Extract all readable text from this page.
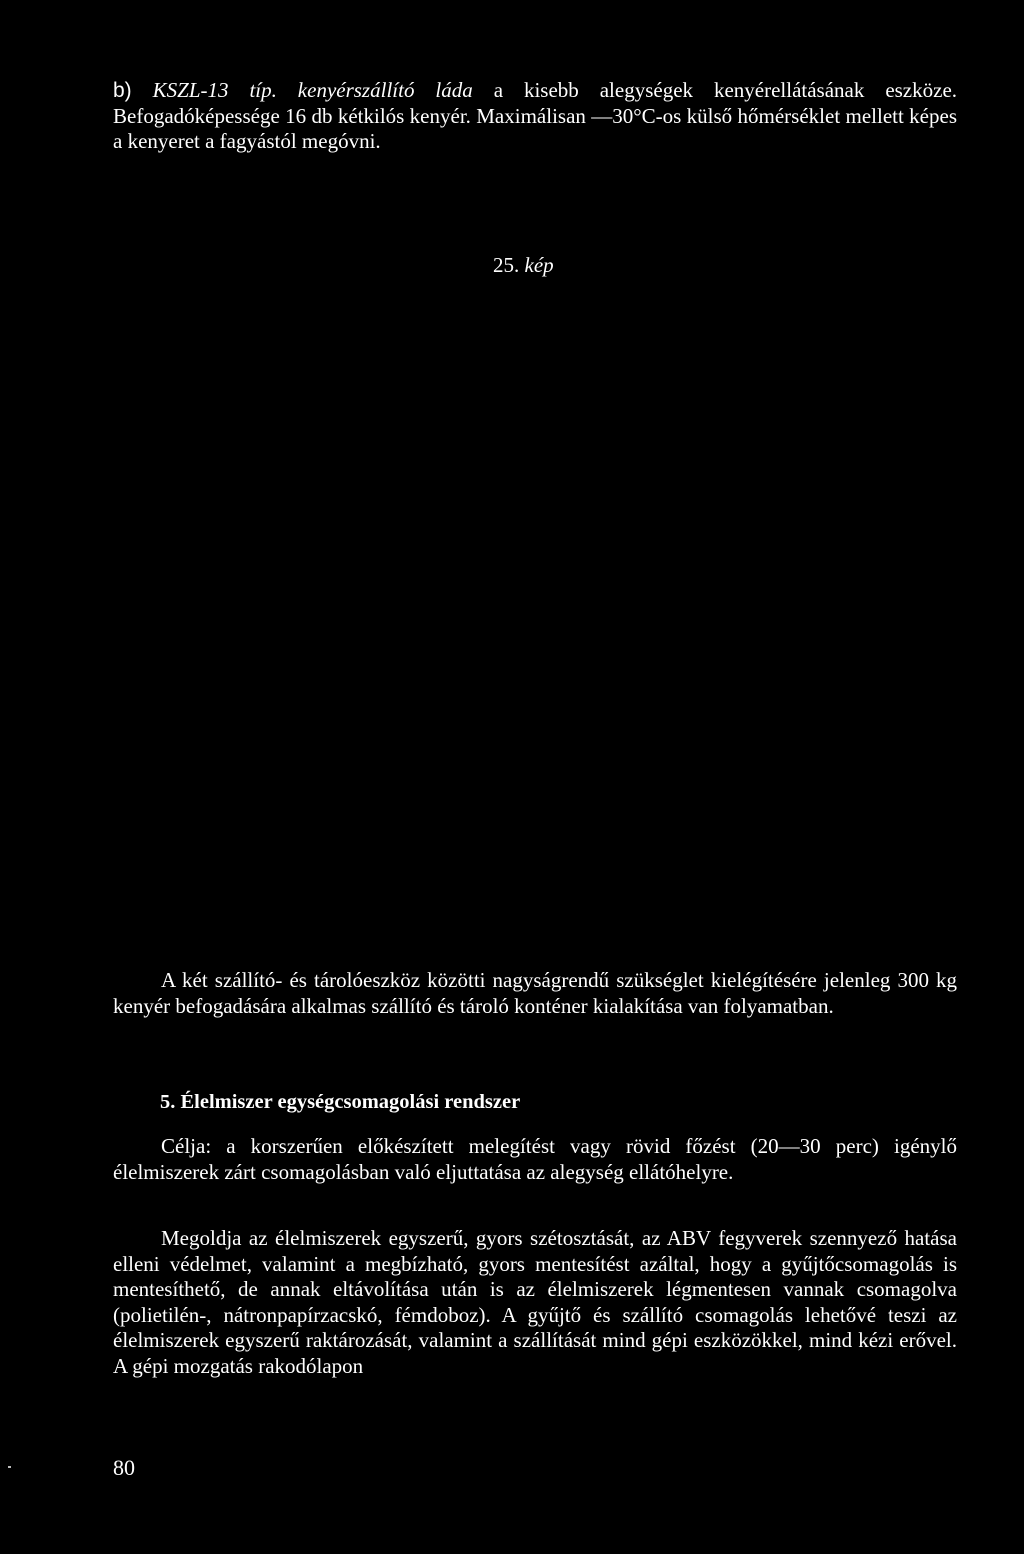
b) KSZL-13 típ. kenyérszállító láda a kisebb alegységek kenyérellátásának eszköze. Befogadóképessége 16 db kétkilós kenyér. Maximálisan —30°C-os külső hőmérséklet mellett képes a kenyeret a fagyástól megóvni.
25. kép
A két szállító- és tárolóeszköz közötti nagyságrendű szükséglet kielégítésére jelenleg 300 kg kenyér befogadására alkalmas szállító és tároló konténer kialakítása van folyamatban.
5. Élelmiszer egységcsomagolási rendszer
Célja: a korszerűen előkészített melegítést vagy rövid főzést (20—30 perc) igénylő élelmiszerek zárt csomagolásban való eljuttatása az alegység ellátóhelyre.
Megoldja az élelmiszerek egyszerű, gyors szétosztását, az ABV fegyverek szennyező hatása elleni védelmet, valamint a megbízható, gyors mentesítést azáltal, hogy a gyűjtőcsomagolás is mentesíthető, de annak eltávolítása után is az élelmiszerek légmentesen vannak csomagolva (polietilén-, nátronpapírzacskó, fémdoboz). A gyűjtő és szállító csomagolás lehetővé teszi az élelmiszerek egyszerű raktározását, valamint a szállítását mind gépi eszközökkel, mind kézi erővel. A gépi mozgatás rakodólapon
80
